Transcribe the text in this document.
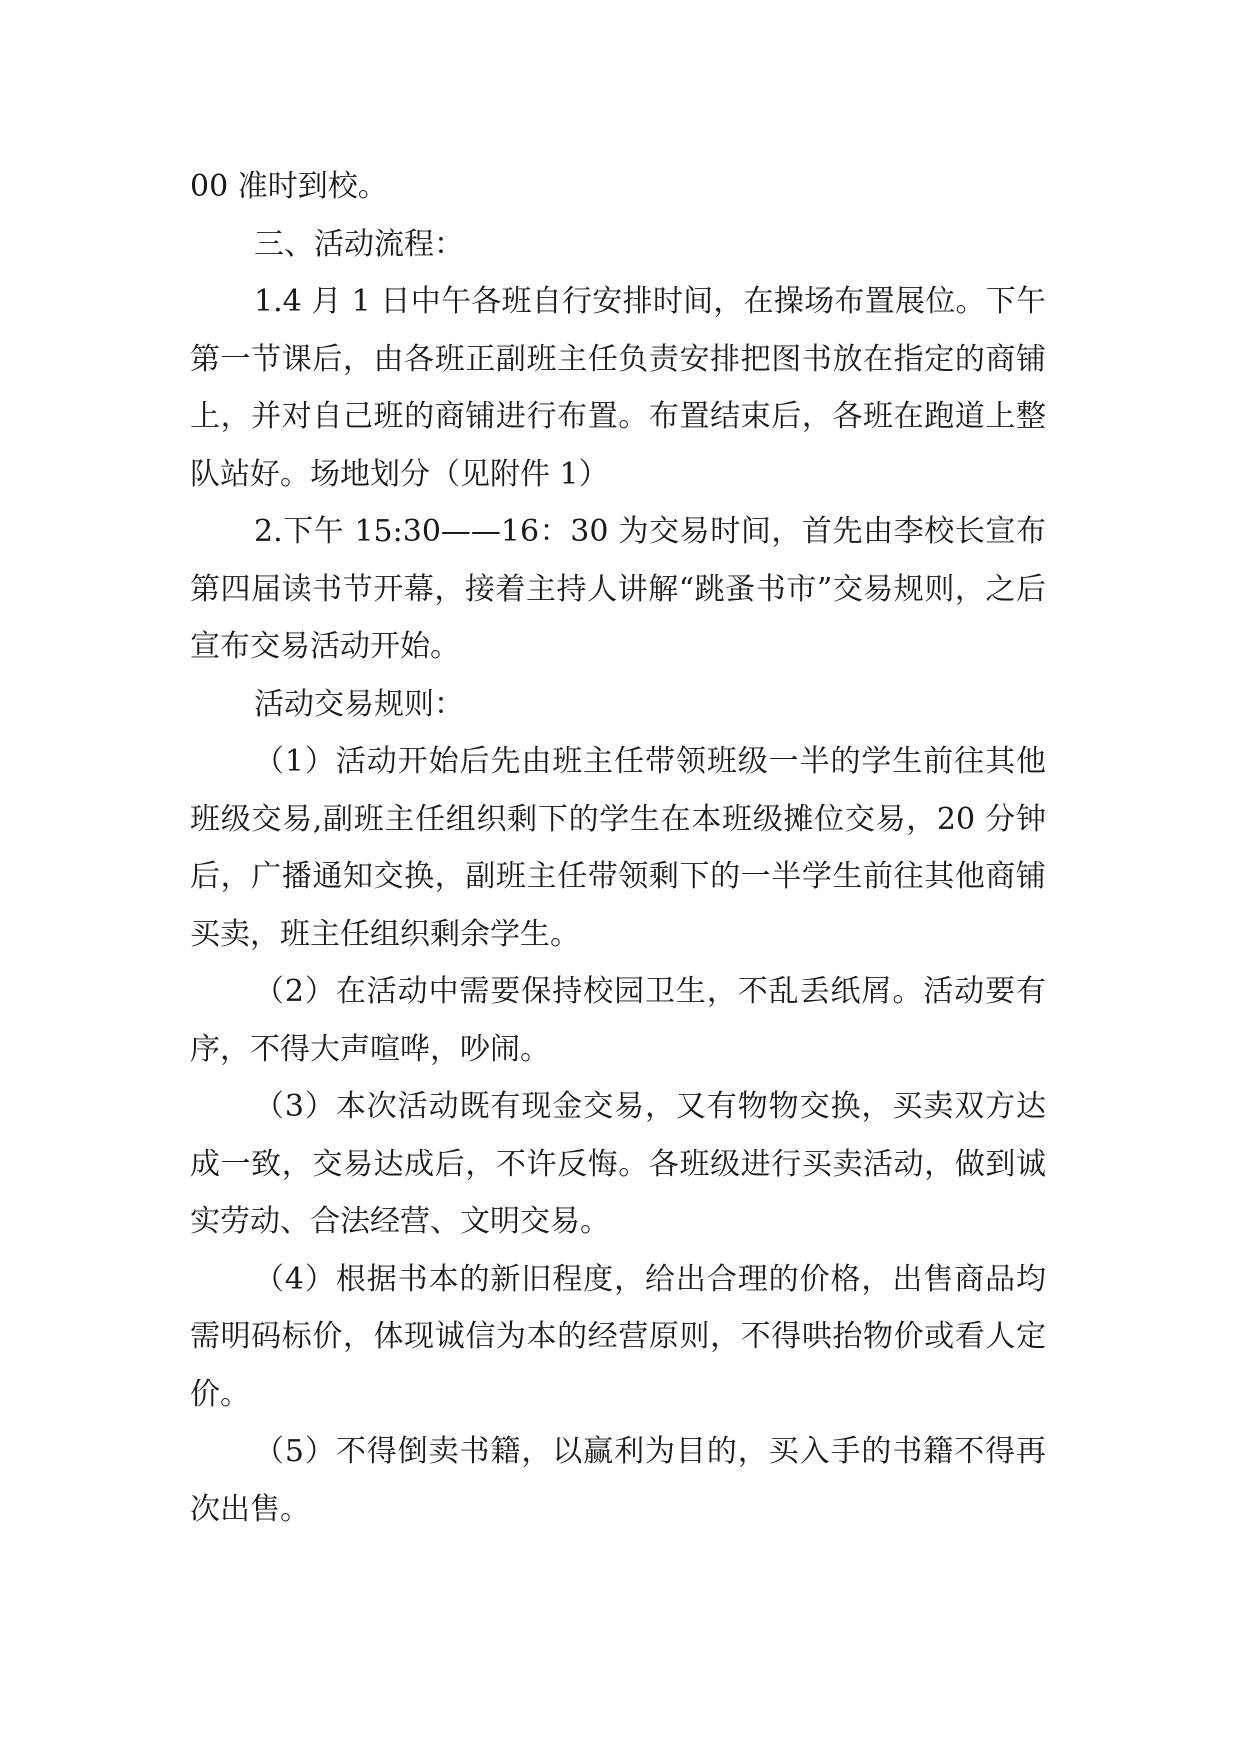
00 准时到校。

三、活动流程：

1.4 月 1 日中午各班自行安排时间，在操场布置展位。下午第一节课后，由各班正副班主任负责安排把图书放在指定的商铺上，并对自己班的商铺进行布置。布置结束后，各班在跑道上整队站好。场地划分（见附件 1）

2.下午 15:30——16：30 为交易时间，首先由李校长宣布第四届读书节开幕，接着主持人讲解“跳蚤书市”交易规则，之后宣布交易活动开始。

活动交易规则：

（1）活动开始后先由班主任带领班级一半的学生前往其他班级交易,副班主任组织剩下的学生在本班级摊位交易，20 分钟后，广播通知交换，副班主任带领剩下的一半学生前往其他商铺买卖，班主任组织剩余学生。

（2）在活动中需要保持校园卫生，不乱丢纸屑。活动要有序，不得大声喧哗，吵闹。

（3）本次活动既有现金交易，又有物物交换，买卖双方达成一致，交易达成后，不许反悔。各班级进行买卖活动，做到诚实劳动、合法经营、文明交易。

（4）根据书本的新旧程度，给出合理的价格，出售商品均需明码标价，体现诚信为本的经营原则，不得哄抬物价或看人定价。

（5）不得倒卖书籍，以赢利为目的，买入手的书籍不得再次出售。
